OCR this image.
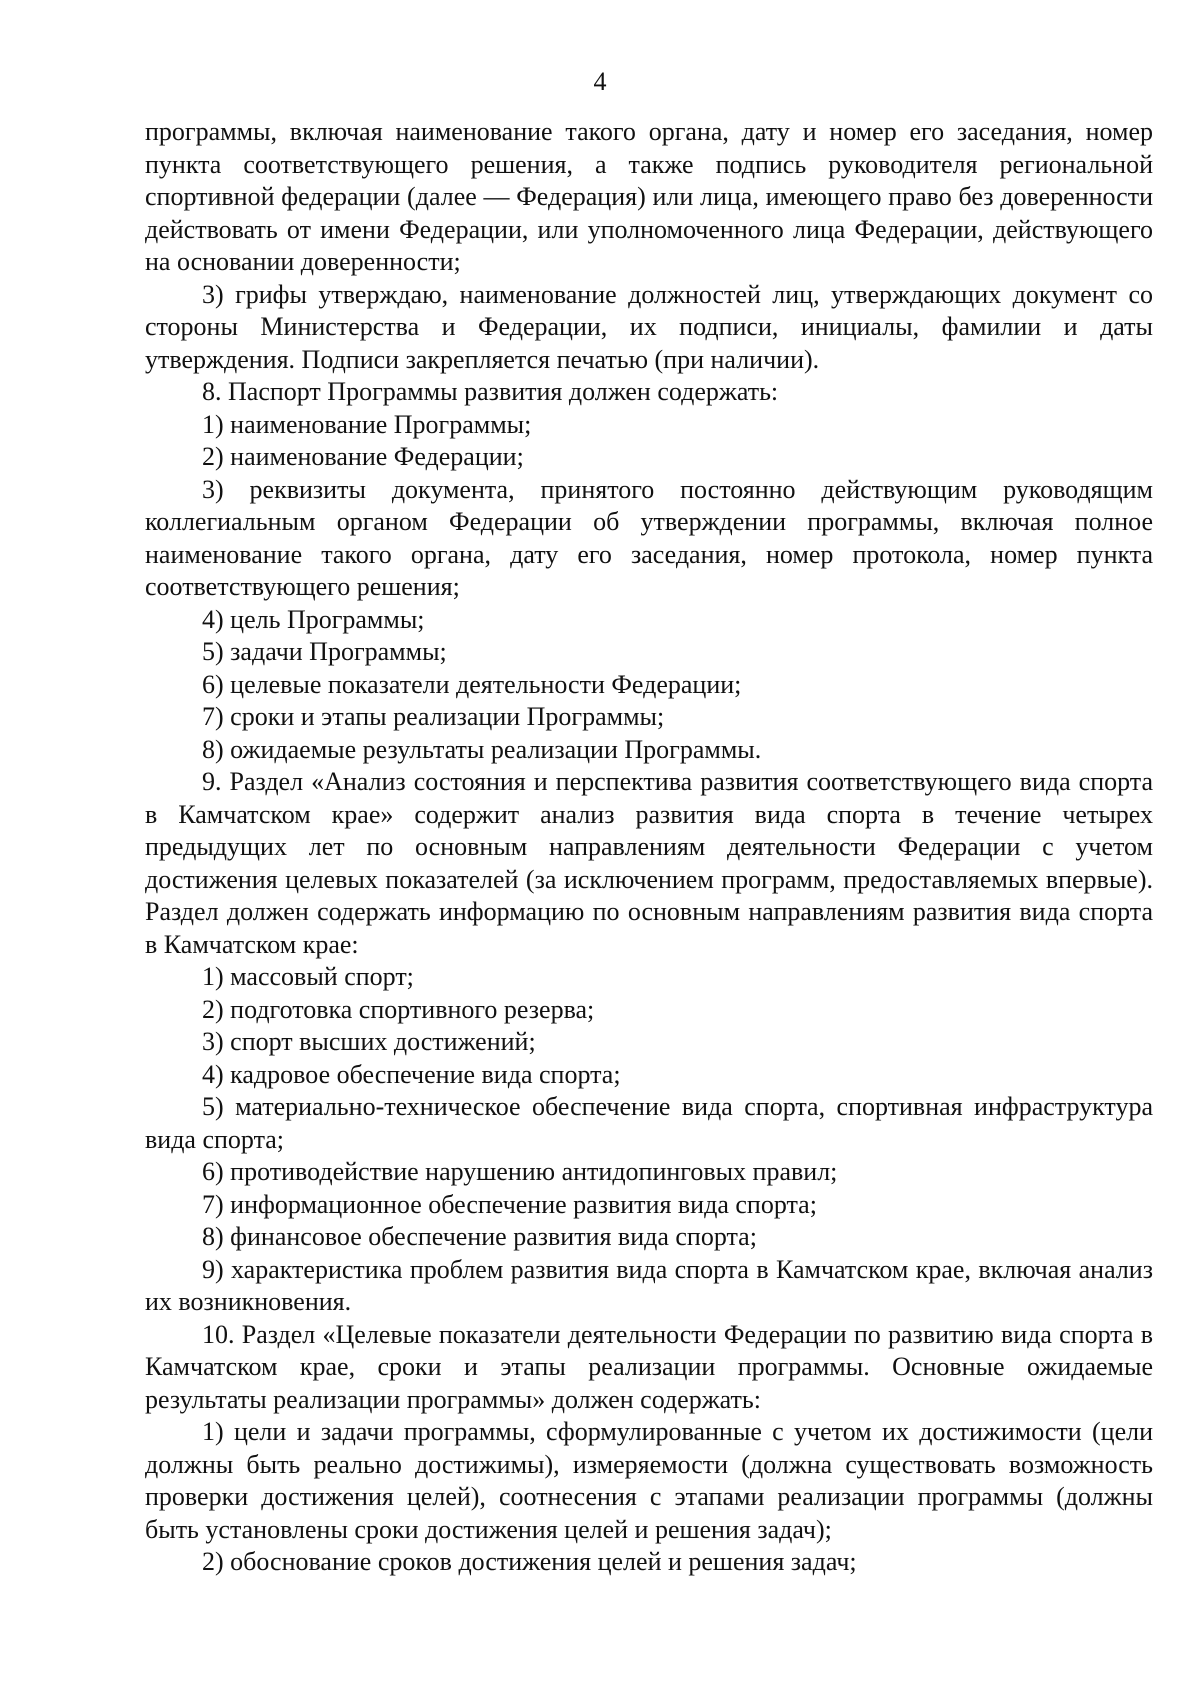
4

программы, включая наименование такого органа, дату и номер его заседания, номер пункта соответствующего решения, а также подпись руководителя региональной спортивной федерации (далее — Федерация) или лица, имеющего право без доверенности действовать от имени Федерации, или уполномоченного лица Федерации, действующего на основании доверенности;

3) грифы утверждаю, наименование должностей лиц, утверждающих документ со стороны Министерства и Федерации, их подписи, инициалы, фамилии и даты утверждения. Подписи закрепляется печатью (при наличии).

8. Паспорт Программы развития должен содержать:

1) наименование Программы;

2) наименование Федерации;

3) реквизиты документа, принятого постоянно действующим руководящим коллегиальным органом Федерации об утверждении программы, включая полное наименование такого органа, дату его заседания, номер протокола, номер пункта соответствующего решения;

4) цель Программы;

5) задачи Программы;

6) целевые показатели деятельности Федерации;

7) сроки и этапы реализации Программы;

8) ожидаемые результаты реализации Программы.

9. Раздел «Анализ состояния и перспектива развития соответствующего вида спорта в Камчатском крае» содержит анализ развития вида спорта в течение четырех предыдущих лет по основным направлениям деятельности Федерации с учетом достижения целевых показателей (за исключением программ, предоставляемых впервые). Раздел должен содержать информацию по основным направлениям развития вида спорта в Камчатском крае:

1) массовый спорт;

2) подготовка спортивного резерва;

3) спорт высших достижений;

4) кадровое обеспечение вида спорта;

5) материально-техническое обеспечение вида спорта, спортивная инфраструктура вида спорта;

6) противодействие нарушению антидопинговых правил;

7) информационное обеспечение развития вида спорта;

8) финансовое обеспечение развития вида спорта;

9) характеристика проблем развития вида спорта в Камчатском крае, включая анализ их возникновения.

10. Раздел «Целевые показатели деятельности Федерации по развитию вида спорта в Камчатском крае, сроки и этапы реализации программы. Основные ожидаемые результаты реализации программы» должен содержать:

1) цели и задачи программы, сформулированные с учетом их достижимости (цели должны быть реально достижимы), измеряемости (должна существовать возможность проверки достижения целей), соотнесения с этапами реализации программы (должны быть установлены сроки достижения целей и решения задач);

2) обоснование сроков достижения целей и решения задач;
